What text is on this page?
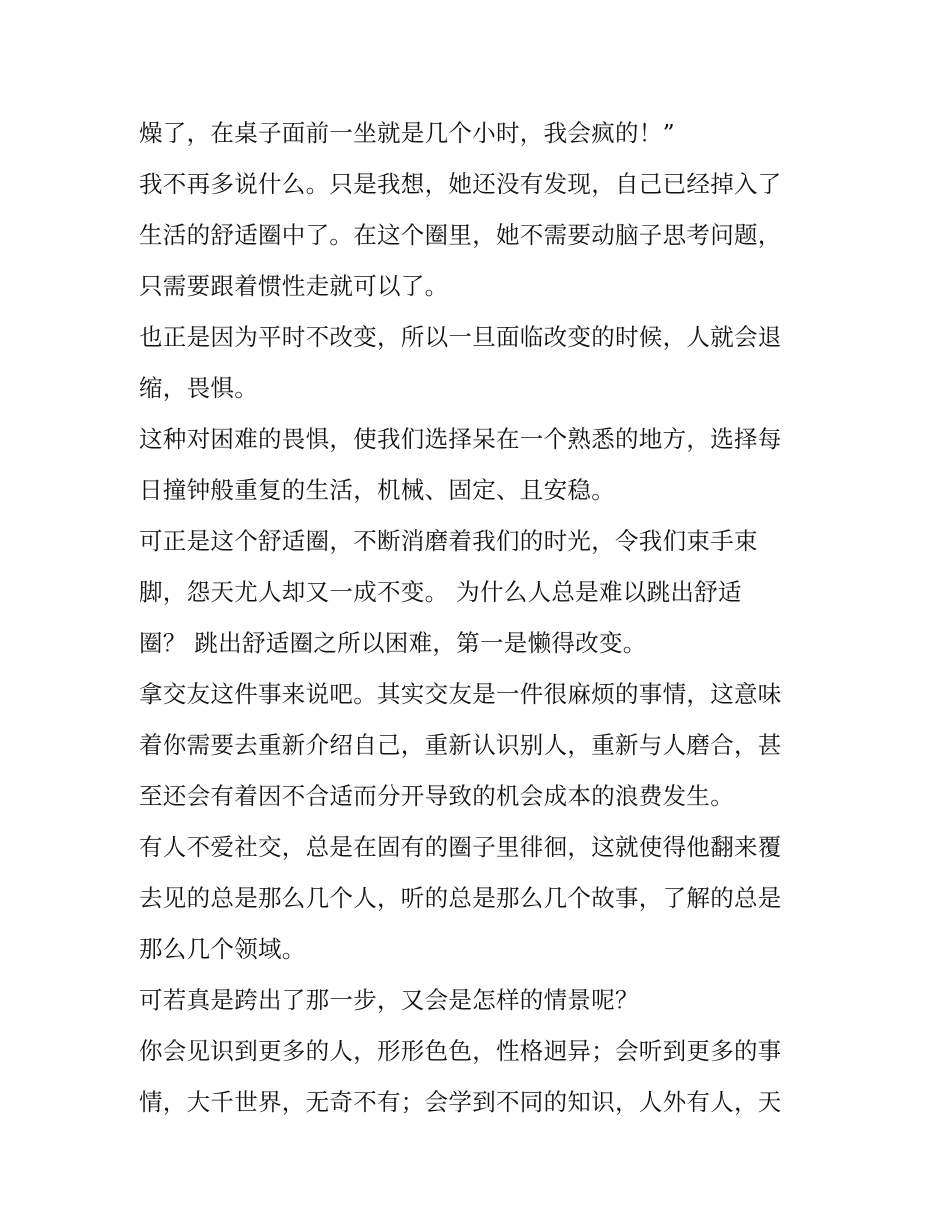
燥了，在桌子面前一坐就是几个小时，我会疯的！”
我不再多说什么。只是我想，她还没有发现，自己已经掉入了
生活的舒适圈中了。在这个圈里，她不需要动脑子思考问题，
只需要跟着惯性走就可以了。
也正是因为平时不改变，所以一旦面临改变的时候，人就会退
缩，畏惧。
这种对困难的畏惧，使我们选择呆在一个熟悉的地方，选择每
日撞钟般重复的生活，机械、固定、且安稳。
可正是这个舒适圈，不断消磨着我们的时光，令我们束手束
脚，怨天尤人却又一成不变。 为什么人总是难以跳出舒适
圈？ 跳出舒适圈之所以困难，第一是懒得改变。
拿交友这件事来说吧。其实交友是一件很麻烦的事情，这意味
着你需要去重新介绍自己，重新认识别人，重新与人磨合，甚
至还会有着因不合适而分开导致的机会成本的浪费发生。
有人不爱社交，总是在固有的圈子里徘徊，这就使得他翻来覆
去见的总是那么几个人，听的总是那么几个故事，了解的总是
那么几个领域。
可若真是跨出了那一步，又会是怎样的情景呢？
你会见识到更多的人，形形色色，性格迥异；会听到更多的事
情，大千世界，无奇不有；会学到不同的知识，人外有人，天
